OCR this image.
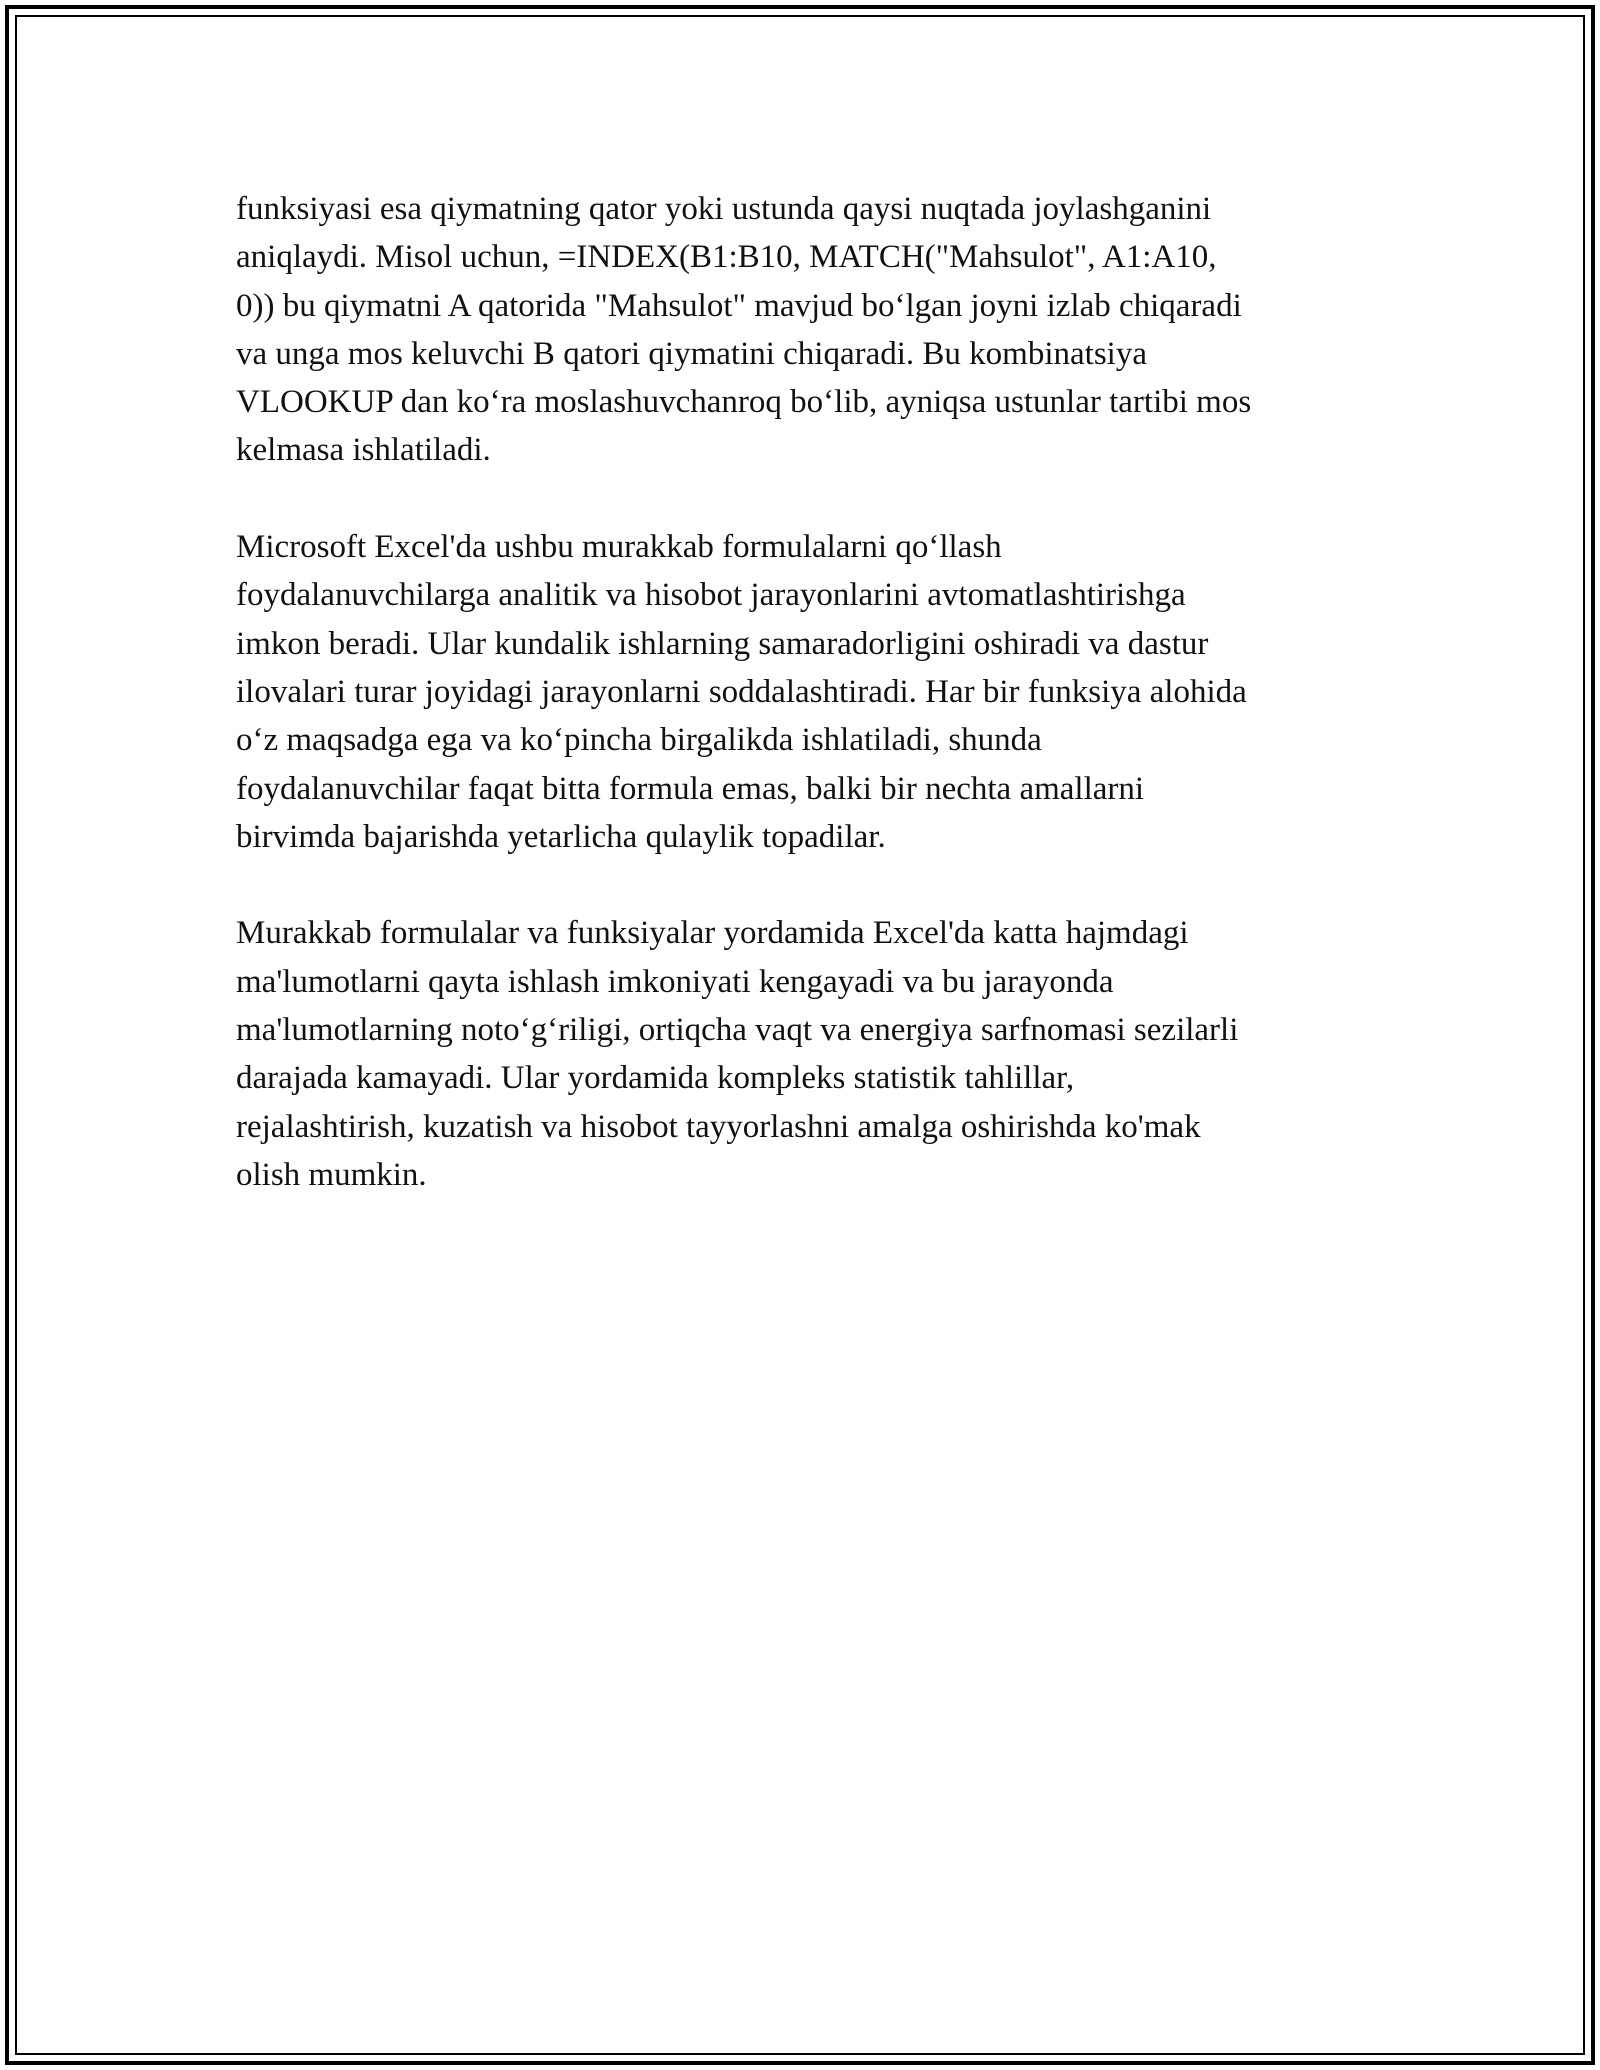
funksiyasi esa qiymatning qator yoki ustunda qaysi nuqtada joylashganini
aniqlaydi. Misol uchun, =INDEX(B1:B10, MATCH("Mahsulot", A1:A10,
0)) bu qiymatni A qatorida "Mahsulot" mavjud bo‘lgan joyni izlab chiqaradi
va unga mos keluvchi B qatori qiymatini chiqaradi. Bu kombinatsiya
VLOOKUP dan ko‘ra moslashuvchanroq bo‘lib, ayniqsa ustunlar tartibi mos
kelmasa ishlatiladi.

Microsoft Excel'da ushbu murakkab formulalarni qo‘llash
foydalanuvchilarga analitik va hisobot jarayonlarini avtomatlashtirishga
imkon beradi. Ular kundalik ishlarning samaradorligini oshiradi va dastur
ilovalari turar joyidagi jarayonlarni soddalashtiradi. Har bir funksiya alohida
o‘z maqsadga ega va ko‘pincha birgalikda ishlatiladi, shunda
foydalanuvchilar faqat bitta formula emas, balki bir nechta amallarni
birvimda bajarishda yetarlicha qulaylik topadilar.

Murakkab formulalar va funksiyalar yordamida Excel'da katta hajmdagi
ma'lumotlarni qayta ishlash imkoniyati kengayadi va bu jarayonda
ma'lumotlarning noto‘g‘riligi, ortiqcha vaqt va energiya sarfnomasi sezilarli
darajada kamayadi. Ular yordamida kompleks statistik tahlillar,
rejalashtirish, kuzatish va hisobot tayyorlashni amalga oshirishda ko'mak
olish mumkin.
